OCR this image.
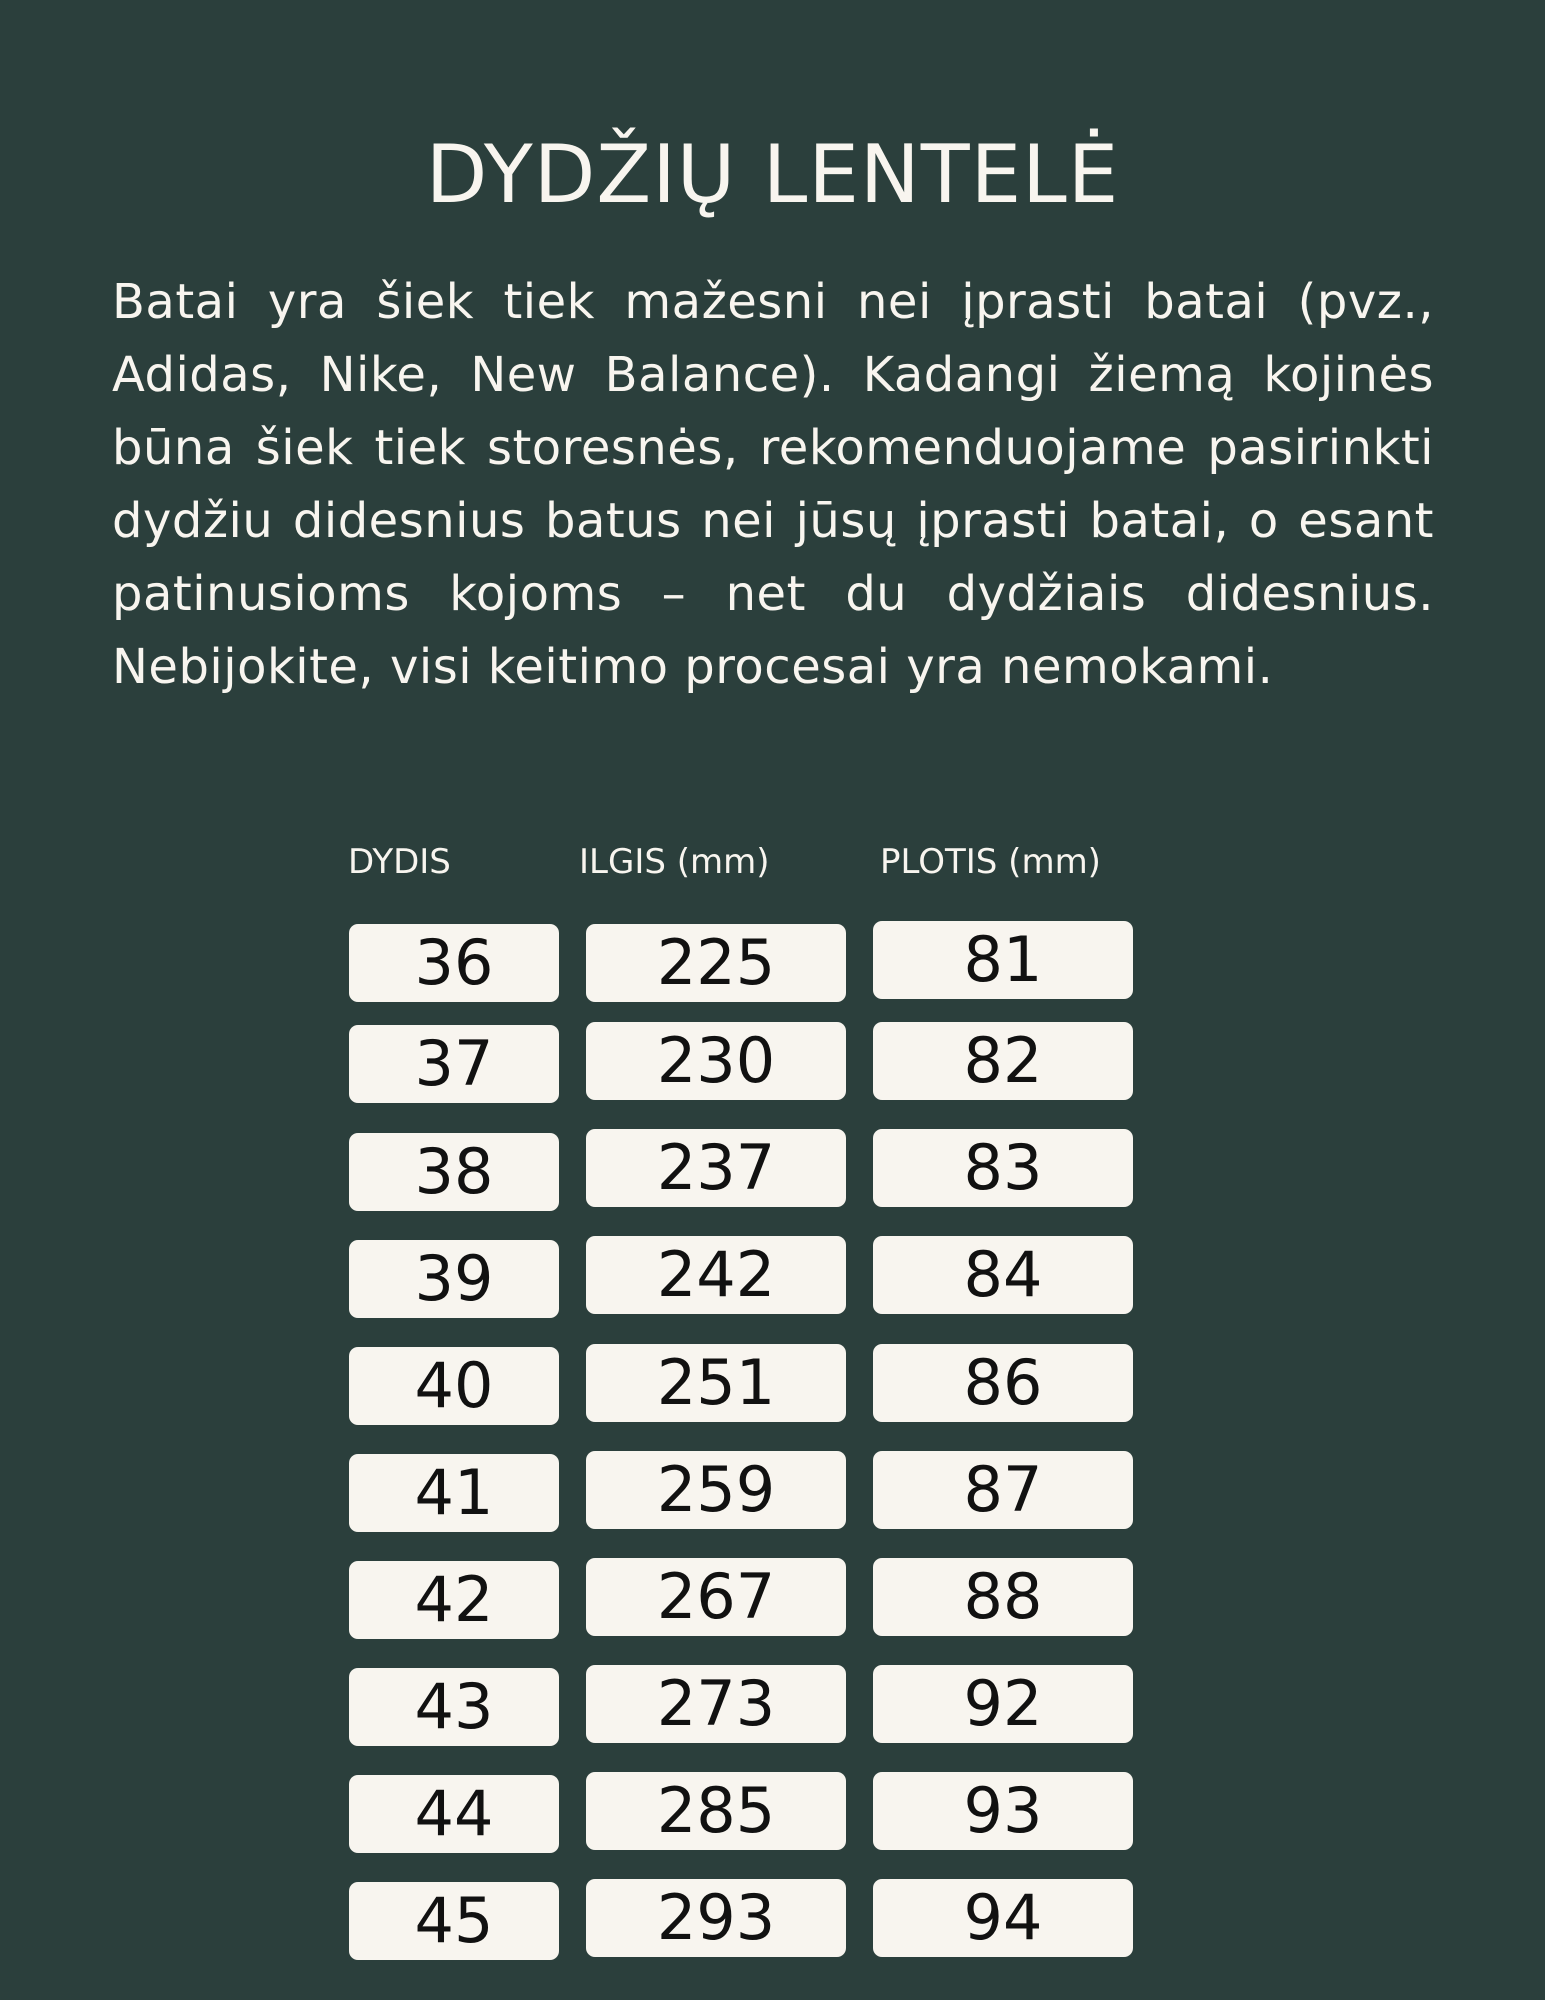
DYDŽIŲ LENTELĖ

Batai yra šiek tiek mažesni nei įprasti batai (pvz., Adidas, Nike, New Balance). Kadangi žiemą kojinės būna šiek tiek storesnės, rekomenduojame pasirinkti dydžiu didesnius batus nei jūsų įprasti batai, o esant patinusioms kojoms – net du dydžiais didesnius. Nebijokite, visi keitimo procesai yra nemokami.

DYDIS	ILGIS (mm)	PLOTIS (mm)
36	225	81
37	230	82
38	237	83
39	242	84
40	251	86
41	259	87
42	267	88
43	273	92
44	285	93
45	293	94
